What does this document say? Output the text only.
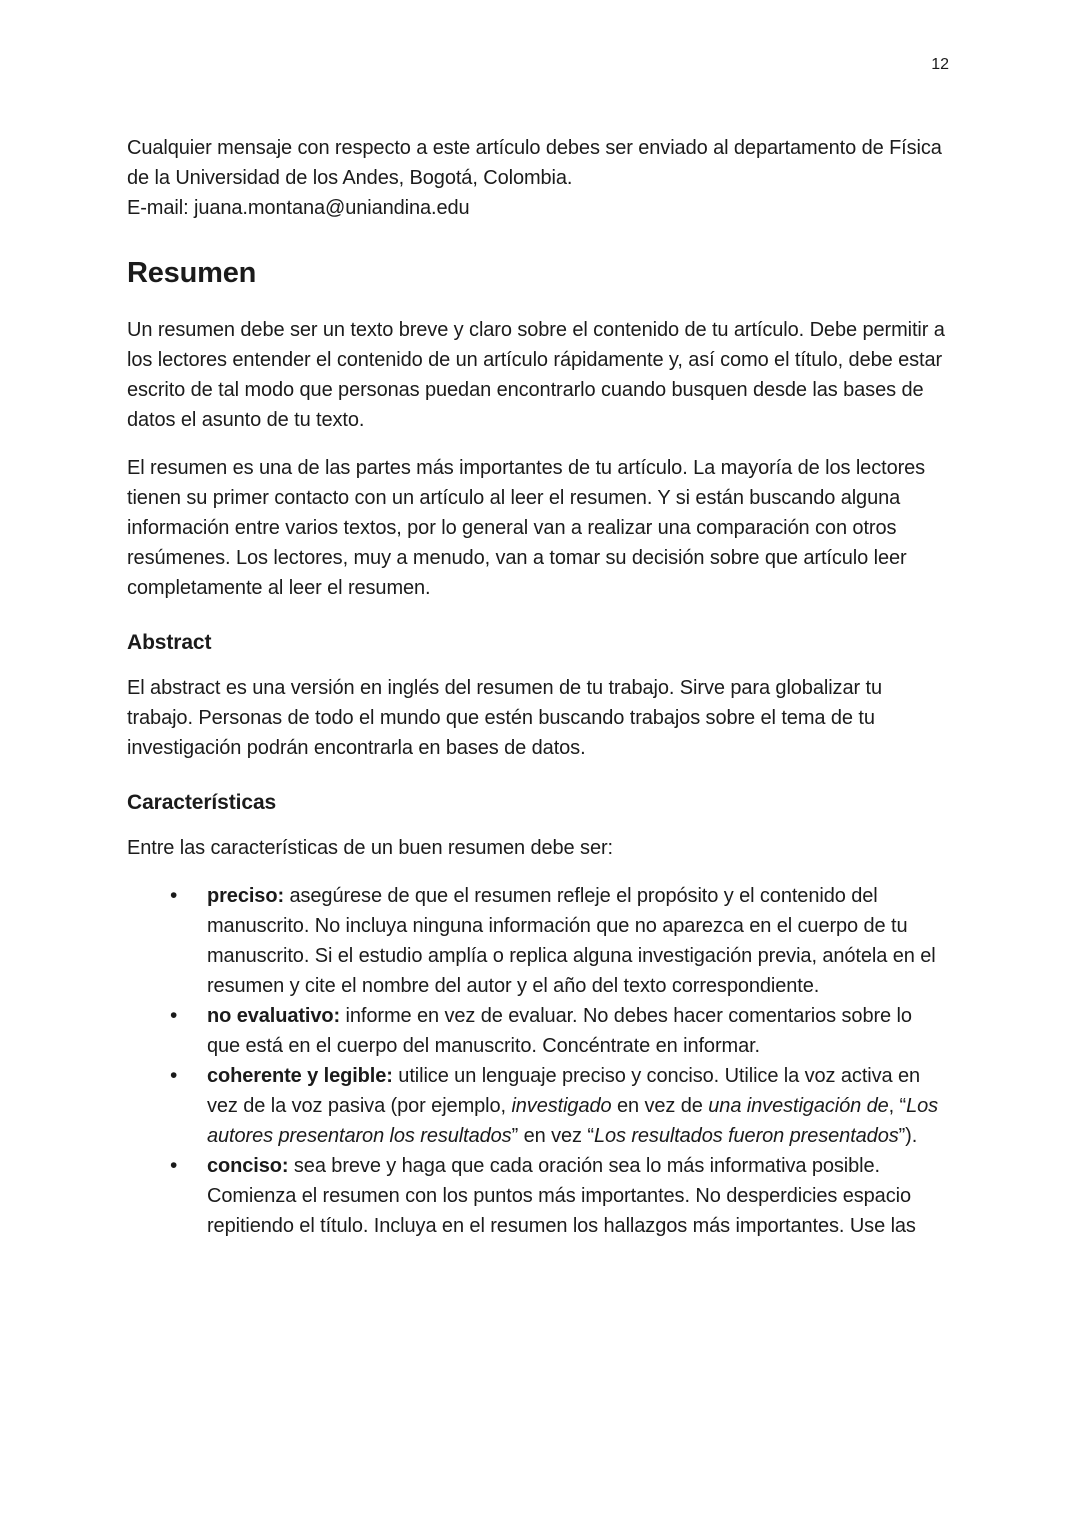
12

Cualquier mensaje con respecto a este artículo debes ser enviado al departamento de Física de la Universidad de los Andes, Bogotá, Colombia.
E-mail: juana.montana@uniandina.edu

Resumen

Un resumen debe ser un texto breve y claro sobre el contenido de tu artículo. Debe permitir a los lectores entender el contenido de un artículo rápidamente y, así como el título, debe estar escrito de tal modo que personas puedan encontrarlo cuando busquen desde las bases de datos el asunto de tu texto.

El resumen es una de las partes más importantes de tu artículo. La mayoría de los lectores tienen su primer contacto con un artículo al leer el resumen. Y si están buscando alguna información entre varios textos, por lo general van a realizar una comparación con otros resúmenes. Los lectores, muy a menudo, van a tomar su decisión sobre que artículo leer completamente al leer el resumen.

Abstract

El abstract es una versión en inglés del resumen de tu trabajo. Sirve para globalizar tu trabajo. Personas de todo el mundo que estén buscando trabajos sobre el tema de tu investigación podrán encontrarla en bases de datos.

Características

Entre las características de un buen resumen debe ser:

• preciso: asegúrese de que el resumen refleje el propósito y el contenido del manuscrito. No incluya ninguna información que no aparezca en el cuerpo de tu manuscrito. Si el estudio amplía o replica alguna investigación previa, anótela en el resumen y cite el nombre del autor y el año del texto correspondiente.
• no evaluativo: informe en vez de evaluar. No debes hacer comentarios sobre lo que está en el cuerpo del manuscrito. Concéntrate en informar.
• coherente y legible: utilice un lenguaje preciso y conciso. Utilice la voz activa en vez de la voz pasiva (por ejemplo, investigado en vez de una investigación de, “Los autores presentaron los resultados” en vez “Los resultados fueron presentados”).
• conciso: sea breve y haga que cada oración sea lo más informativa posible. Comienza el resumen con los puntos más importantes. No desperdicies espacio repitiendo el título. Incluya en el resumen los hallazgos más importantes. Use las
